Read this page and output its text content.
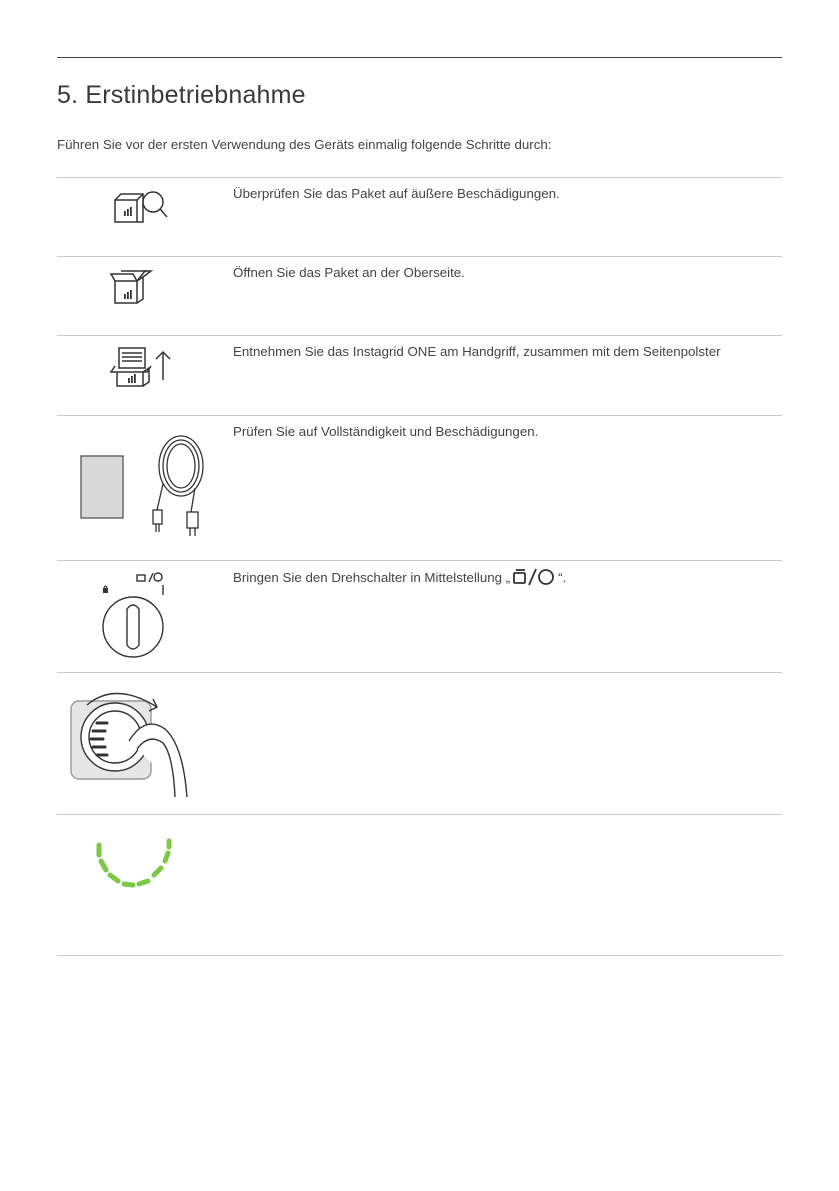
5. Erstinbetriebnahme
Führen Sie vor der ersten Verwendung des Geräts einmalig folgende Schritte durch:
Überprüfen Sie das Paket auf äußere Beschädigungen.
Öffnen Sie das Paket an der Oberseite.
Entnehmen Sie das Instagrid ONE am Handgriff, zusammen mit dem Seitenpolster
Prüfen Sie auf Vollständigkeit und Beschädigungen.
Bringen Sie den Drehschalter in Mittelstellung „	“.
